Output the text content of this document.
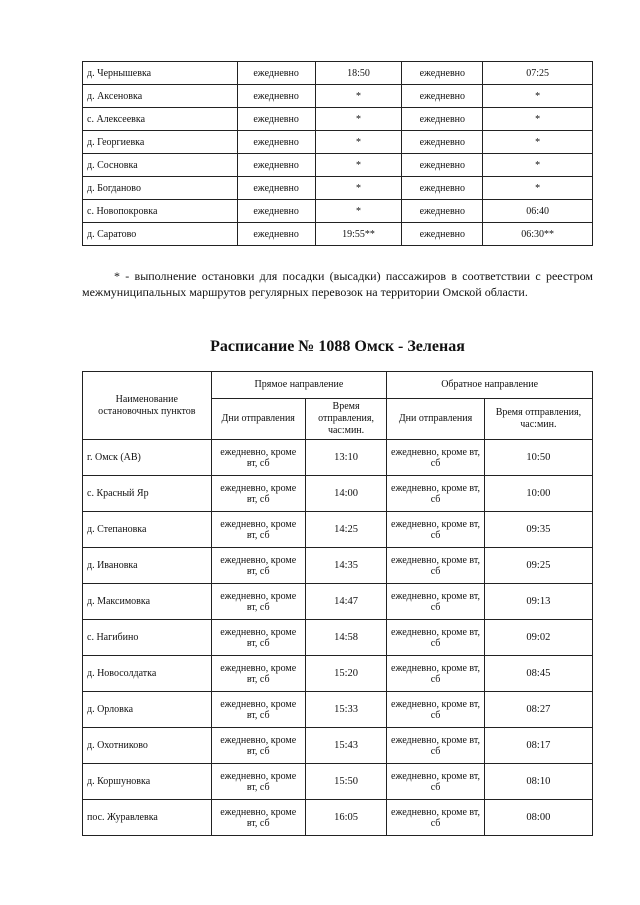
д. Чернышевка	ежедневно	18:50	ежедневно	07:25
д. Аксеновка	ежедневно	*	ежедневно	*
с. Алексеевка	ежедневно	*	ежедневно	*
д. Георгиевка	ежедневно	*	ежедневно	*
д. Сосновка	ежедневно	*	ежедневно	*
д. Богданово	ежедневно	*	ежедневно	*
с. Новопокровка	ежедневно	*	ежедневно	06:40
д. Саратово	ежедневно	19:55**	ежедневно	06:30**

* - выполнение остановки для посадки (высадки) пассажиров в соответствии с реестром межмуниципальных маршрутов регулярных перевозок на территории Омской области.

Расписание № 1088 Омск - Зеленая
Наименование остановочных пунктов	Прямое направление		Обратное направление	
	Дни отправления	Время отправления, час:мин.	Дни отправления	Время отправления, час:мин.
г. Омск (АВ)	ежедневно, кроме вт, сб	13:10	ежедневно, кроме вт, сб	10:50
с. Красный Яр	ежедневно, кроме вт, сб	14:00	ежедневно, кроме вт, сб	10:00
д. Степановка	ежедневно, кроме вт, сб	14:25	ежедневно, кроме вт, сб	09:35
д. Ивановка	ежедневно, кроме вт, сб	14:35	ежедневно, кроме вт, сб	09:25
д. Максимовка	ежедневно, кроме вт, сб	14:47	ежедневно, кроме вт, сб	09:13
с. Нагибино	ежедневно, кроме вт, сб	14:58	ежедневно, кроме вт, сб	09:02
д. Новосолдатка	ежедневно, кроме вт, сб	15:20	ежедневно, кроме вт, сб	08:45
д. Орловка	ежедневно, кроме вт, сб	15:33	ежедневно, кроме вт, сб	08:27
д. Охотниково	ежедневно, кроме вт, сб	15:43	ежедневно, кроме вт, сб	08:17
д. Коршуновка	ежедневно, кроме вт, сб	15:50	ежедневно, кроме вт, сб	08:10
пос. Журавлевка	ежедневно, кроме вт, сб	16:05	ежедневно, кроме вт, сб	08:00
